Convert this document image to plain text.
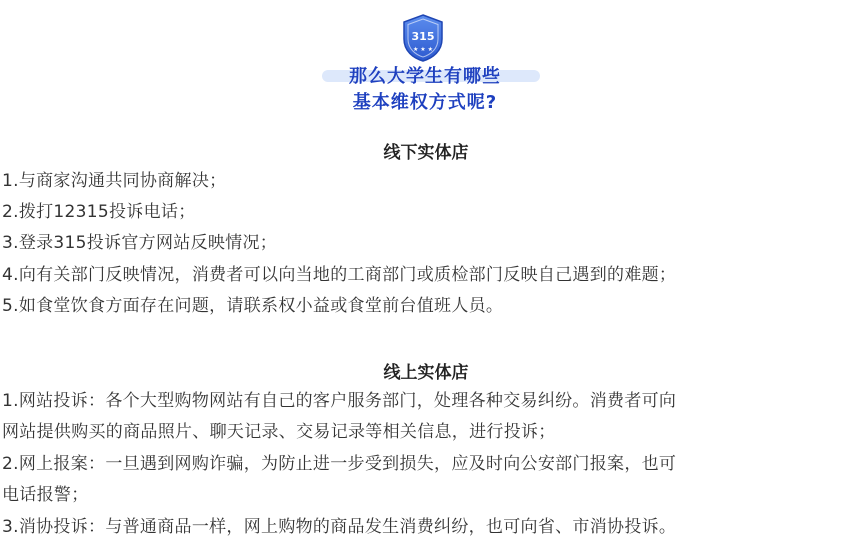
315
★ ★ ★
那么大学生有哪些
基本维权方式呢?
线下实体店
1.与商家沟通共同协商解决；
2.拨打12315投诉电话；
3.登录315投诉官方网站反映情况；
4.向有关部门反映情况，消费者可以向当地的工商部门或质检部门反映自己遇到的难题；
5.如食堂饮食方面存在问题，请联系权小益或食堂前台值班人员。
线上实体店
1.网站投诉：各个大型购物网站有自己的客户服务部门，处理各种交易纠纷。消费者可向
网站提供购买的商品照片、聊天记录、交易记录等相关信息，进行投诉；
2.网上报案：一旦遇到网购诈骗，为防止进一步受到损失，应及时向公安部门报案，也可
电话报警；
3.消协投诉：与普通商品一样，网上购物的商品发生消费纠纷，也可向省、市消协投诉。
